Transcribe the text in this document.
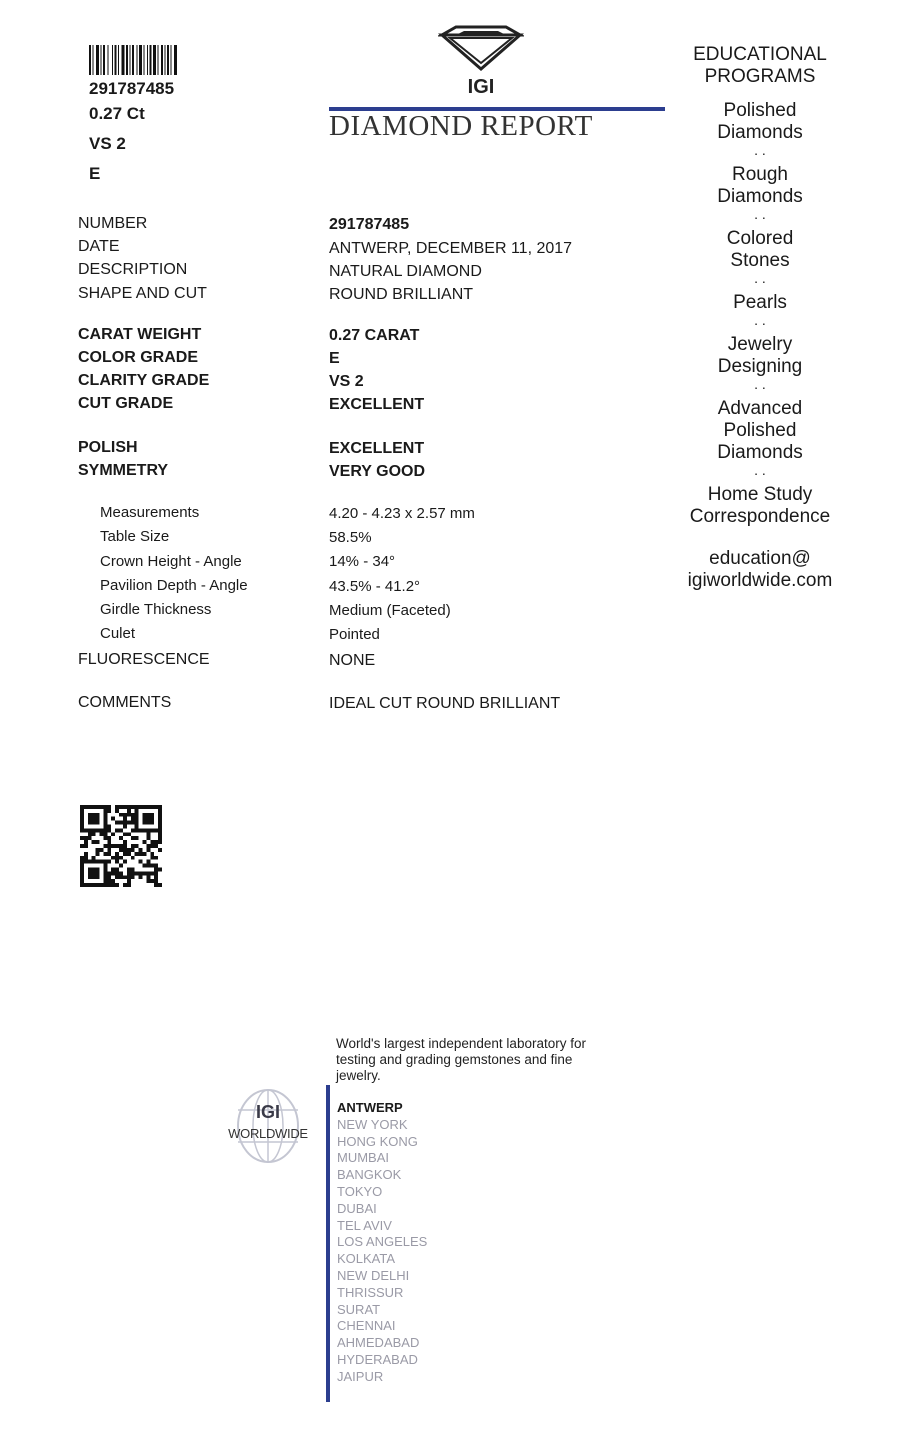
291787485
0.27 Ct
VS 2
E
IGI
DIAMOND REPORT
EDUCATIONAL
PROGRAMS
Polished
Diamonds
. .
Rough
Diamonds
. .
Colored
Stones
. .
Pearls
. .
Jewelry
Designing
. .
Advanced
Polished
Diamonds
. .
Home Study
Correspondence
education@
igiworldwide.com
NUMBER	291787485
DATE	ANTWERP, DECEMBER 11, 2017
DESCRIPTION	NATURAL DIAMOND
SHAPE AND CUT	ROUND BRILLIANT
CARAT WEIGHT	0.27 CARAT
COLOR GRADE	E
CLARITY GRADE	VS 2
CUT GRADE	EXCELLENT
POLISH	EXCELLENT
SYMMETRY	VERY GOOD
Measurements	4.20 - 4.23 x 2.57 mm
Table Size	58.5%
Crown Height - Angle	14% - 34°
Pavilion Depth - Angle	43.5% - 41.2°
Girdle Thickness	Medium (Faceted)
Culet	Pointed
FLUORESCENCE	NONE
COMMENTS	IDEAL CUT ROUND BRILLIANT
World's largest independent laboratory for testing and grading gemstones and fine jewelry.
IGI
WORLDWIDE
ANTWERP
NEW YORK
HONG KONG
MUMBAI
BANGKOK
TOKYO
DUBAI
TEL AVIV
LOS ANGELES
KOLKATA
NEW DELHI
THRISSUR
SURAT
CHENNAI
AHMEDABAD
HYDERABAD
JAIPUR
